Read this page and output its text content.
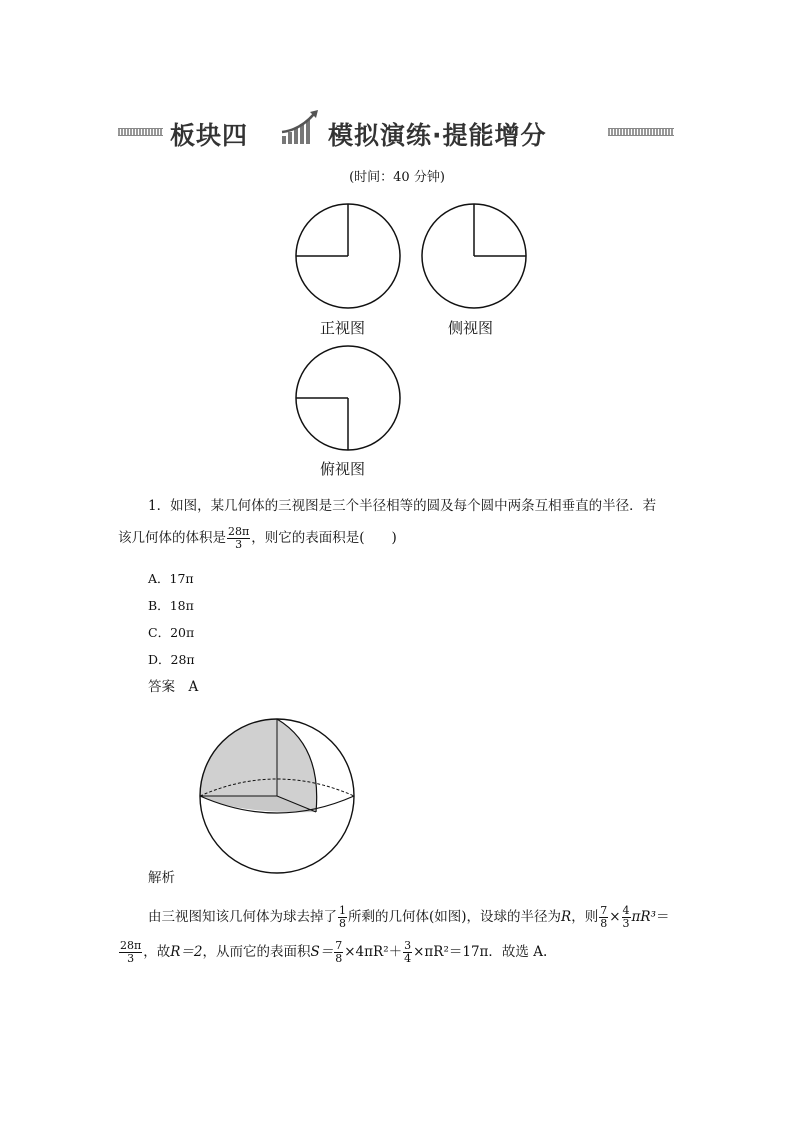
板块四	模拟演练·提能增分
(时间：40 分钟)
正视图	侧视图
俯视图
1．如图，某几何体的三视图是三个半径相等的圆及每个圆中两条互相垂直的半径．若
该几何体的体积是 $\frac{28\pi}{3}$ ，则它的表面积是(　　)
A．17π
B．18π
C．20π
D．28π
答案　 A
解析
由三视图知该几何体为球去掉了 $\frac{1}{8}$ 所剩的几何体(如图)，设球的半径为R，则 $\frac{7}{8} \times \frac{4}{3} \pi R^3=$
$\frac{28\pi}{3}$ ，故R＝2，从而它的表面积$S= \frac{7}{8} \times 4\pi R^2+ \frac{3}{4} \times\pi R^2=17\pi$．故选 A.
